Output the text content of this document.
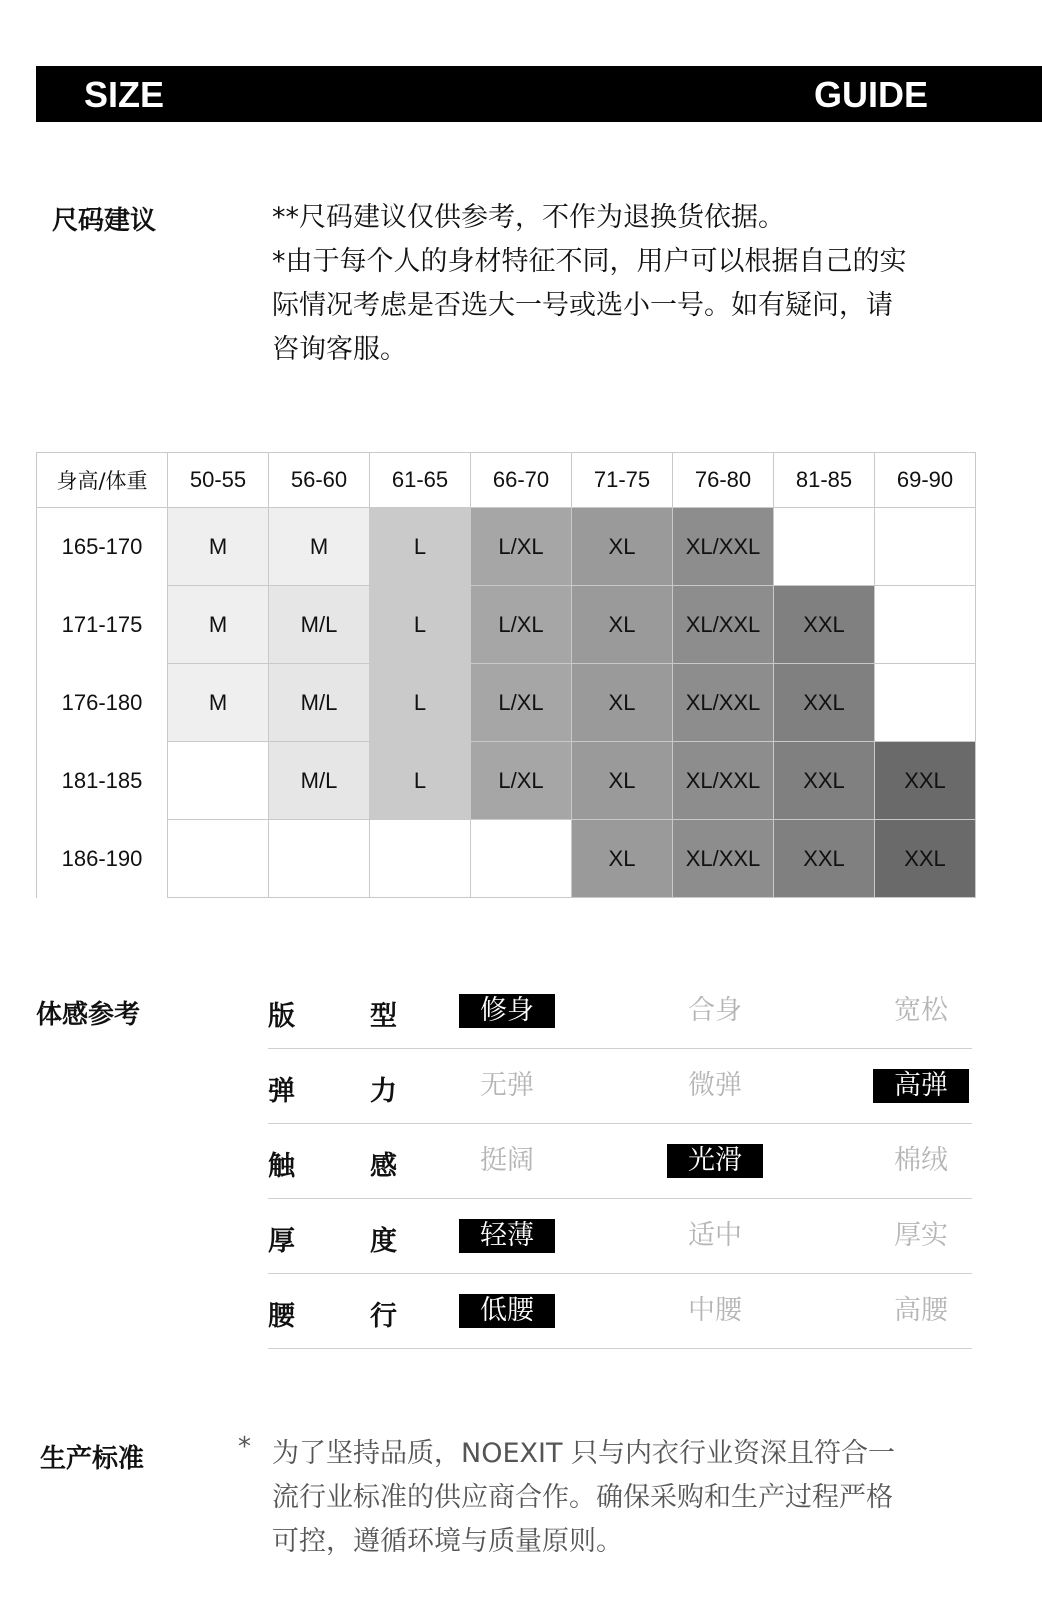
SIZE	GUIDE
尺码建议	**尺码建议仅供参考，不作为退换货依据。

*由于每个人的身材特征不同，用户可以根据自己的实

际情况考虑是否选大一号或选小一号。如有疑问，请

咨询客服。

身高/体重	50-55	56-60	61-65	66-70	71-75	76-80	81-85	69-90
165-170	M	M	L	L/XL	XL	XL/XXL		
171-175	M	M/L	L	L/XL	XL	XL/XXL	XXL	
176-180	M	M/L	L	L/XL	XL	XL/XXL	XXL	
181-185		M/L	L	L/XL	XL	XL/XXL	XXL	XXL
186-190					XL	XL/XXL	XXL	XXL
体感参考	版	型	修身	合身	宽松
弹	力	无弹	微弹	高弹
触	感	挺阔	光滑	棉绒
厚	度	轻薄	适中	厚实
腰	行	低腰	中腰	高腰
生产标准	* 为了坚持品质，NOEXIT 只与内衣行业资深且符合一

流行业标准的供应商合作。确保采购和生产过程严格

可控，遵循环境与质量原则。
